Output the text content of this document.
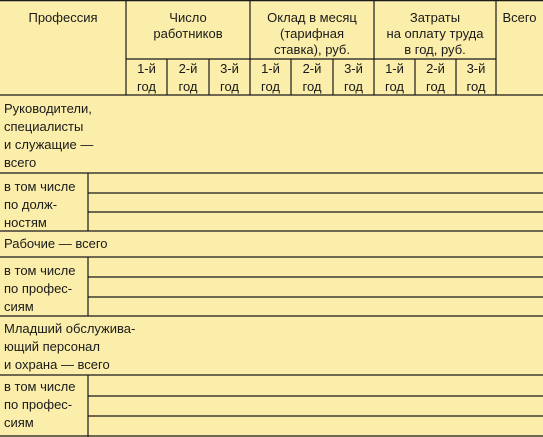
Профессия	Число
работников
Оклад в месяц
(тарифная
ставка), руб.
Затраты
на оплату труда
в год, руб.
Всего
1-й
год
2-й
год
3-й
год
1-й
год
2-й
год
3-й
год
1-й
год
2-й
год
3-й
год
Руководители,
специалисты
и служащие —
всего
в том числе
по долж-
ностям
Рабочие — всего
в том числе
по профес-
сиям
Младший обслужива-
ющий персонал
и охрана — всего
в том числе
по профес-
сиям
